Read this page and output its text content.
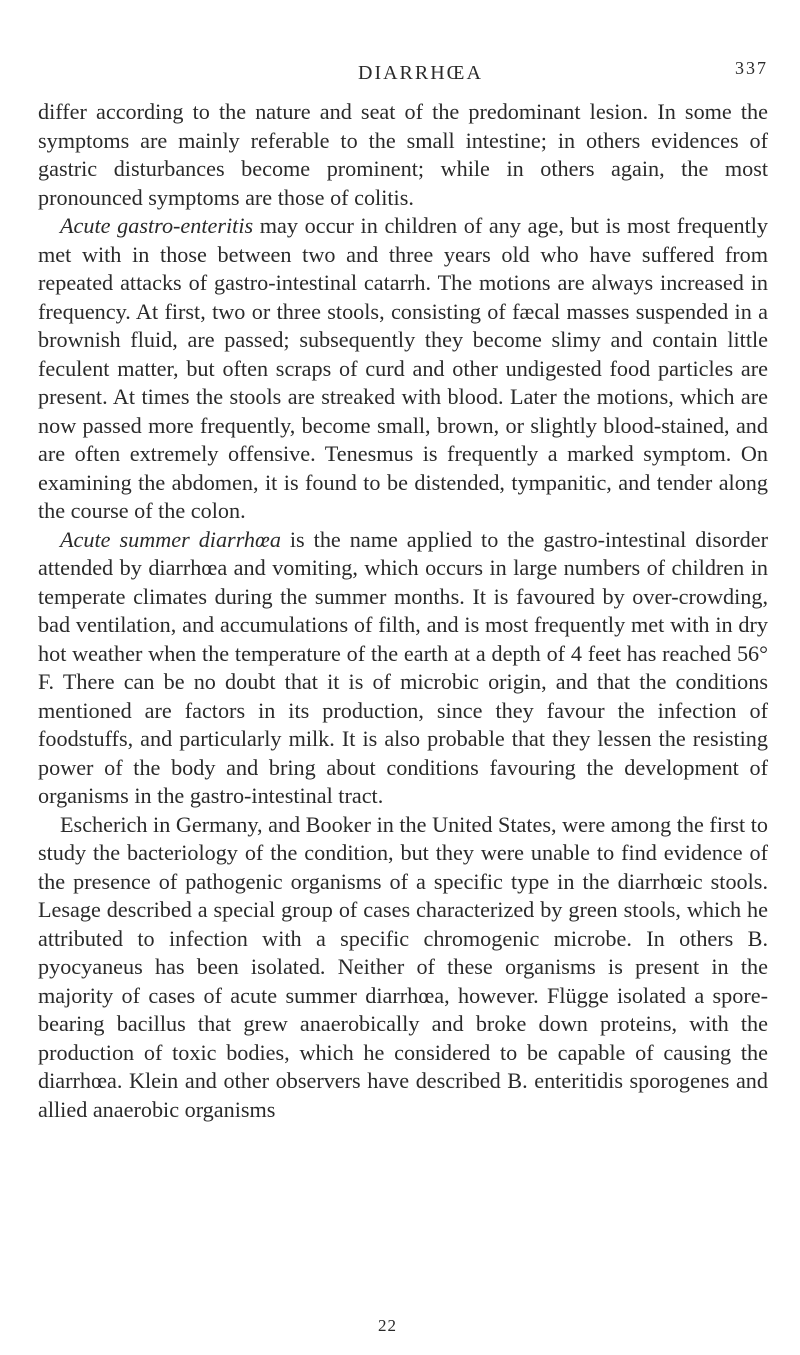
DIARRHŒA	337

differ according to the nature and seat of the predominant lesion. In some the symptoms are mainly referable to the small intestine; in others evidences of gastric disturbances become prominent; while in others again, the most pronounced symptoms are those of colitis.

Acute gastro-enteritis may occur in children of any age, but is most frequently met with in those between two and three years old who have suffered from repeated attacks of gastro-intestinal catarrh. The motions are always increased in frequency. At first, two or three stools, consisting of fæcal masses suspended in a brownish fluid, are passed; subsequently they become slimy and contain little feculent matter, but often scraps of curd and other undigested food particles are present. At times the stools are streaked with blood. Later the motions, which are now passed more frequently, become small, brown, or slightly blood-stained, and are often extremely offensive. Tenesmus is frequently a marked symptom. On examining the abdomen, it is found to be distended, tympanitic, and tender along the course of the colon.

Acute summer diarrhœa is the name applied to the gastro-intestinal disorder attended by diarrhœa and vomiting, which occurs in large numbers of children in temperate climates during the summer months. It is favoured by over-crowding, bad ventilation, and accumulations of filth, and is most frequently met with in dry hot weather when the temperature of the earth at a depth of 4 feet has reached 56° F. There can be no doubt that it is of microbic origin, and that the conditions mentioned are factors in its production, since they favour the infection of foodstuffs, and particularly milk. It is also probable that they lessen the resisting power of the body and bring about conditions favouring the development of organisms in the gastro-intestinal tract.

Escherich in Germany, and Booker in the United States, were among the first to study the bacteriology of the condition, but they were unable to find evidence of the presence of pathogenic organisms of a specific type in the diarrhœic stools. Lesage described a special group of cases characterized by green stools, which he attributed to infection with a specific chromogenic microbe. In others B. pyocyaneus has been isolated. Neither of these organisms is present in the majority of cases of acute summer diarrhœa, however. Flügge isolated a spore-bearing bacillus that grew anaerobically and broke down proteins, with the production of toxic bodies, which he considered to be capable of causing the diarrhœa. Klein and other observers have described B. enteritidis sporogenes and allied anaerobic organisms

22
